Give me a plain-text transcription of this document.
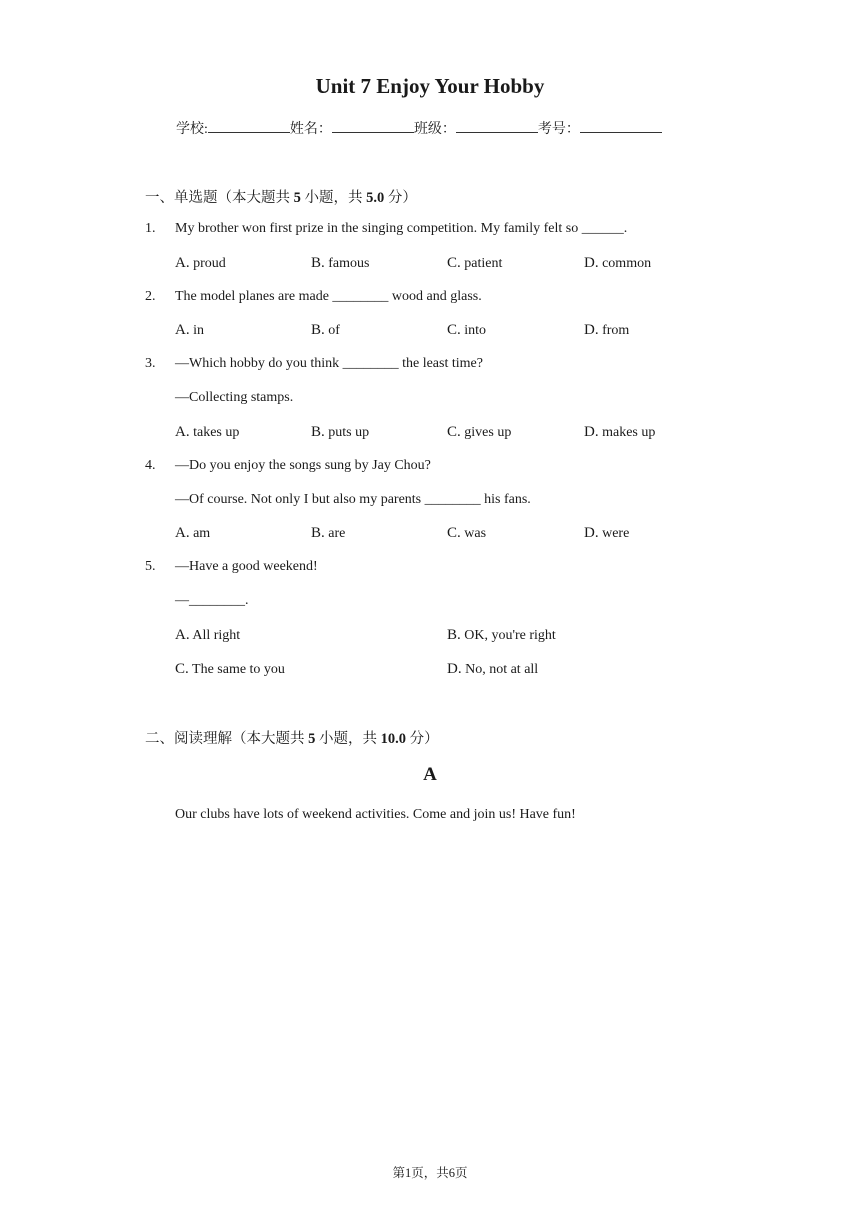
Unit 7 Enjoy Your Hobby
学校:	姓名：	班级：	考号：
一、单选题（本大题共 5 小题，共 5.0 分）
1. My brother won first prize in the singing competition. My family felt so ______.
A. proud	B. famous	C. patient	D. common
2. The model planes are made ________ wood and glass.
A. in	B. of	C. into	D. from
3. —Which hobby do you think ________ the least time?
—Collecting stamps.
A. takes up	B. puts up	C. gives up	D. makes up
4. —Do you enjoy the songs sung by Jay Chou?
—Of course. Not only I but also my parents ________ his fans.
A. am	B. are	C. was	D. were
5. —Have a good weekend!
—________.
A. All right	B. OK, you're right
C. The same to you	D. No, not at all
二、阅读理解（本大题共 5 小题，共 10.0 分）
A
Our clubs have lots of weekend activities. Come and join us! Have fun!
第1页，共6页
